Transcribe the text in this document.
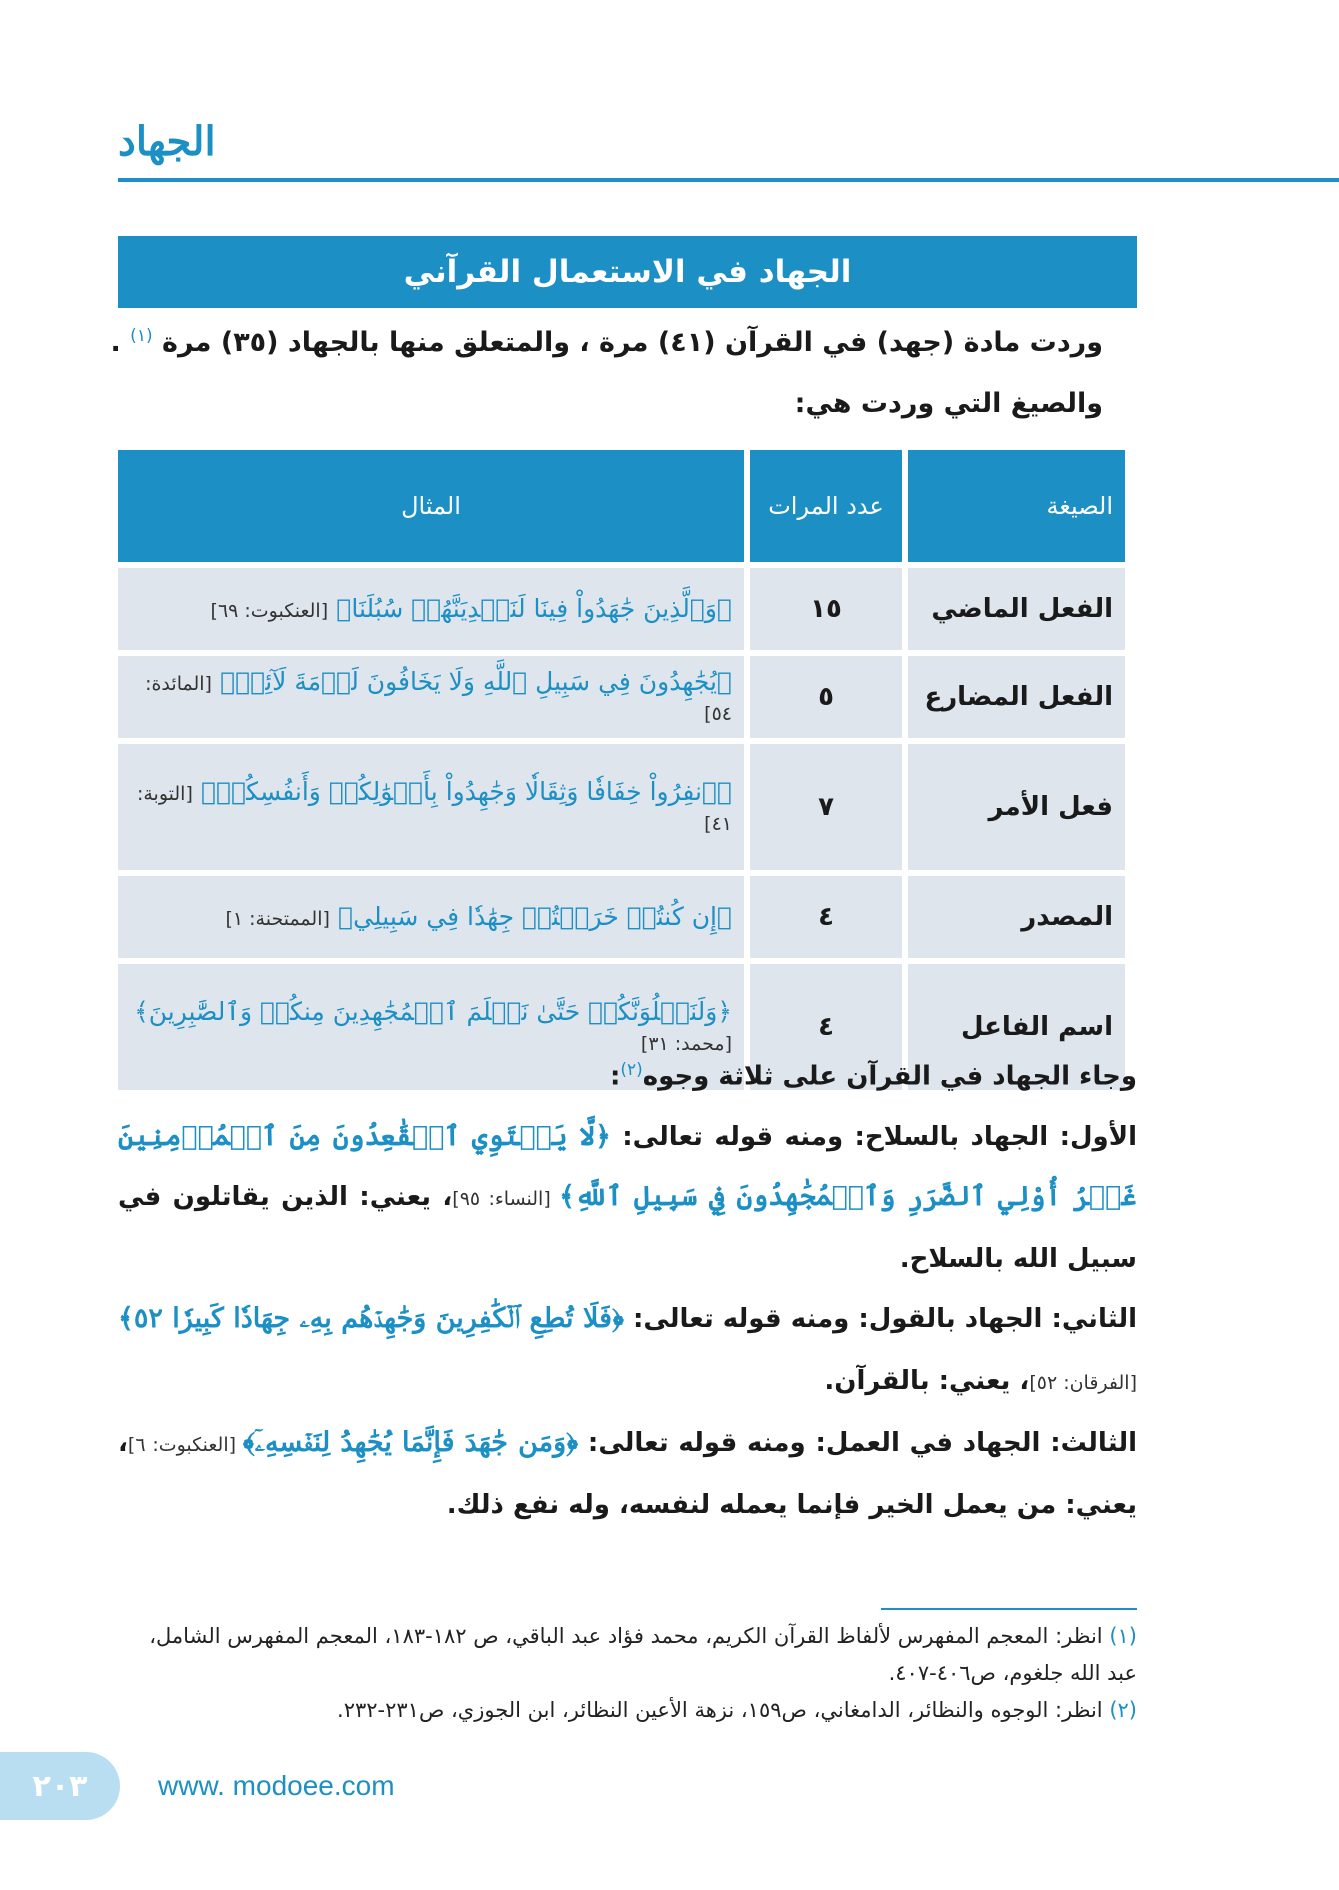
الجهاد
الجهاد في الاستعمال القرآني
وردت مادة (جهد) في القرآن (٤١) مرة ، والمتعلق منها بالجهاد (٣٥) مرة $^{(١)}$ .
والصيغ التي وردت هي:
الصيغة	عدد المرات	المثال
الفعل الماضي	١٥	﴿وَٱلَّذِينَ جَٰهَدُواْ فِينَا لَنَهۡدِيَنَّهُمۡ سُبُلَنَا﴾ [العنكبوت: ٦٩]
الفعل المضارع	٥	﴿يُجَٰهِدُونَ فِي سَبِيلِ ٱللَّهِ وَلَا يَخَافُونَ لَوۡمَةَ لَآئِمٖ﴾ [المائدة: ٥٤]
فعل الأمر	٧	﴿ٱنفِرُواْ خِفَافٗا وَثِقَالٗا وَجَٰهِدُواْ بِأَمۡوَٰلِكُمۡ وَأَنفُسِكُمۡ﴾ [التوبة: ٤١]
المصدر	٤	﴿إِن كُنتُمۡ خَرَجۡتُمۡ جِهَٰدٗا فِي سَبِيلِي﴾ [الممتحنة: ١]
اسم الفاعل	٤	﴿وَلَنَبۡلُوَنَّكُمۡ حَتَّىٰ نَعۡلَمَ ٱلۡمُجَٰهِدِينَ مِنكُمۡ وَٱلصَّٰبِرِينَ﴾ [محمد: ٣١]
وجاء الجهاد في القرآن على ثلاثة وجوه$^{(٢)}$:
الأول: الجهاد بالسلاح: ومنه قوله تعالى: ﴿لَّا يَسۡتَوِي ٱلۡقَٰعِدُونَ مِنَ ٱلۡمُؤۡمِنِينَ غَيۡرُ أُوْلِي ٱلضَّرَرِ وَٱلۡمُجَٰهِدُونَ فِي سَبِيلِ ٱللَّهِ﴾ [النساء: ٩٥]، يعني: الذين يقاتلون في سبيل الله بالسلاح.
الثاني: الجهاد بالقول: ومنه قوله تعالى: ﴿فَلَا تُطِعِ ٱلۡكَٰفِرِينَ وَجَٰهِدۡهُم بِهِۦ جِهَادٗا كَبِيرٗا ٥٢﴾ [الفرقان: ٥٢]، يعني: بالقرآن.
الثالث: الجهاد في العمل: ومنه قوله تعالى: ﴿وَمَن جَٰهَدَ فَإِنَّمَا يُجَٰهِدُ لِنَفۡسِهِۦٓ﴾ [العنكبوت: ٦]، يعني: من يعمل الخير فإنما يعمله لنفسه، وله نفع ذلك.
(١) انظر: المعجم المفهرس لألفاظ القرآن الكريم، محمد فؤاد عبد الباقي، ص ١٨٢-١٨٣، المعجم المفهرس الشامل، عبد الله جلغوم، ص٤٠٦-٤٠٧.
(٢) انظر: الوجوه والنظائر، الدامغاني، ص١٥٩، نزهة الأعين النظائر، ابن الجوزي، ص٢٣١-٢٣٢.
٢٠٣	www. modoee.com
